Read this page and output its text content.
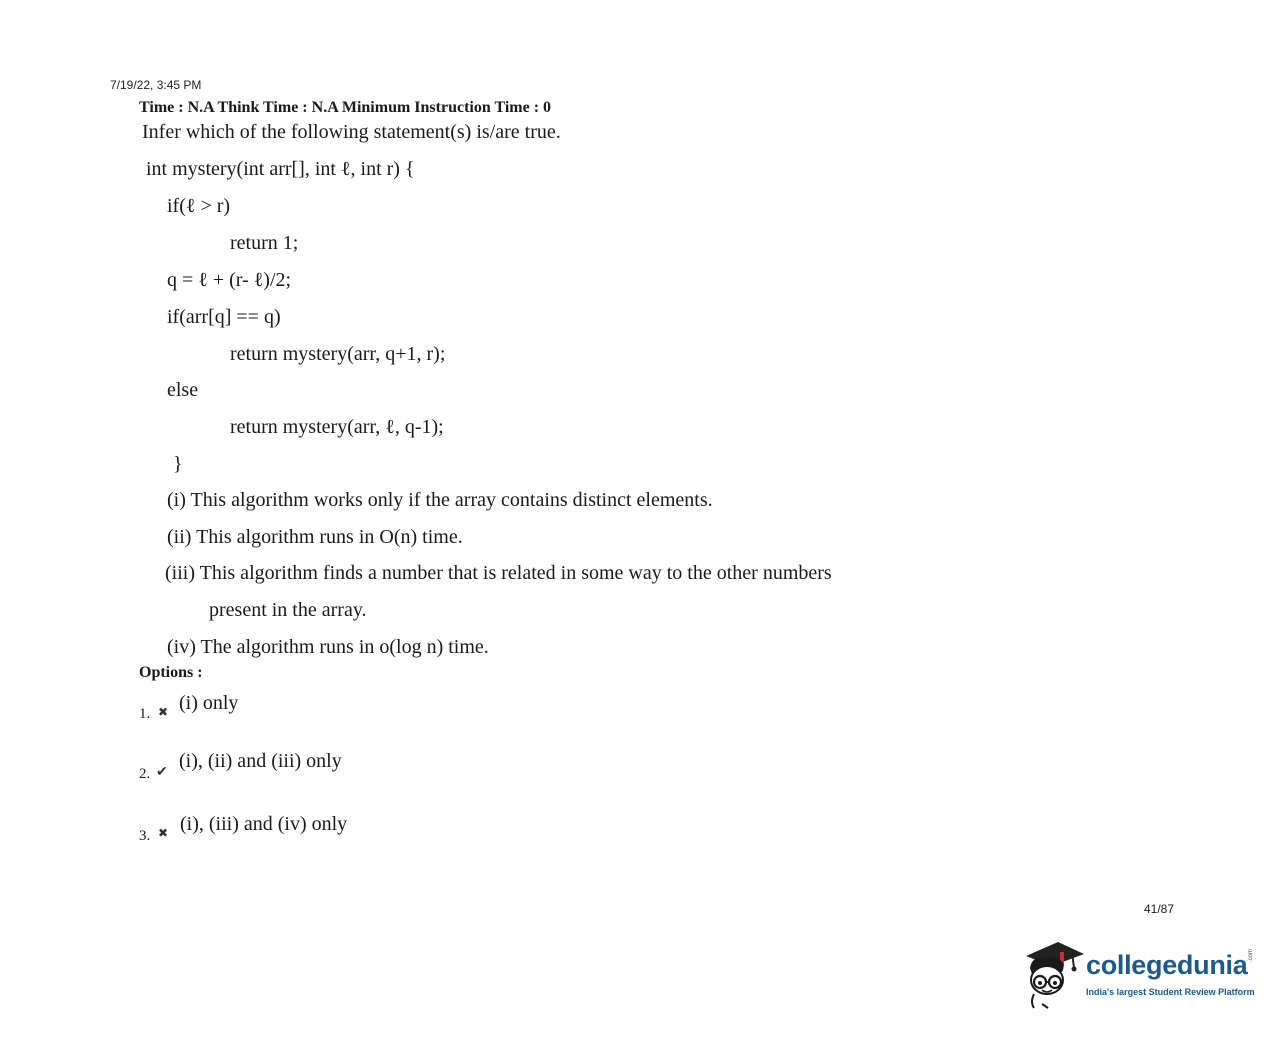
7/19/22, 3:45 PM
Time : N.A Think Time : N.A Minimum Instruction Time : 0
Infer which of the following statement(s) is/are true.
int mystery(int arr[], int ℓ, int r) {
if(ℓ > r)
return 1;
q = ℓ + (r- ℓ)/2;
if(arr[q] == q)
return mystery(arr, q+1, r);
else
return mystery(arr, ℓ, q-1);
}
(i) This algorithm works only if the array contains distinct elements.
(ii) This algorithm runs in O(n) time.
(iii) This algorithm finds a number that is related in some way to the other numbers
present in the array.
(iv) The algorithm runs in o(log n) time.
Options :
1. ✖ (i) only
2. ✔
(i), (ii) and (iii) only
3. ✖ (i), (iii) and (iv) only
41/87
collegedunia .com
India's largest Student Review Platform
